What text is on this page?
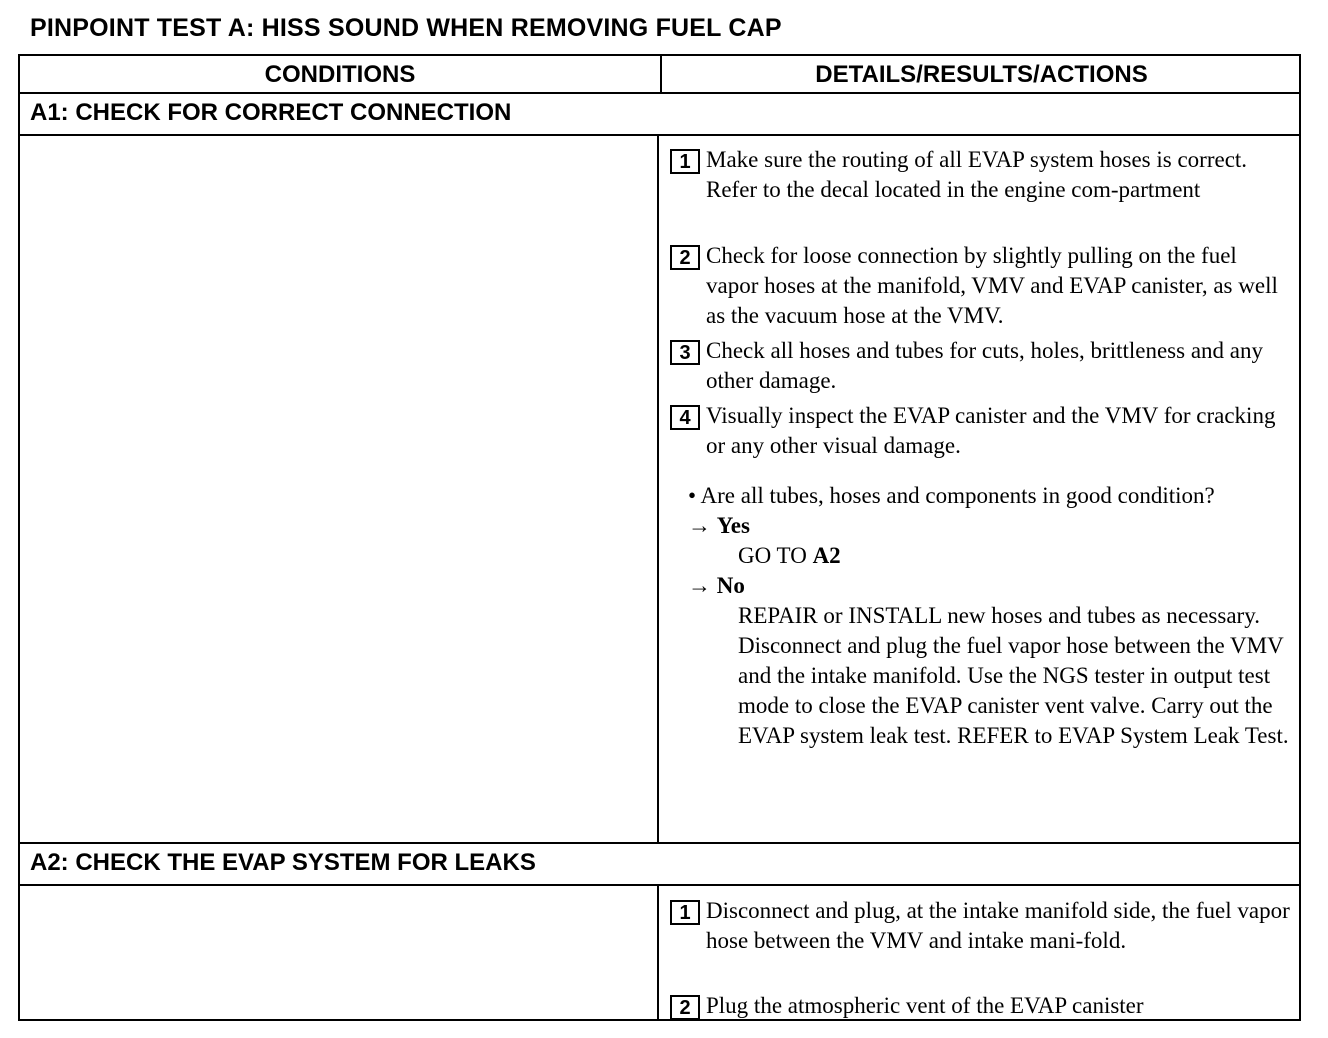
PINPOINT TEST A: HISS SOUND WHEN REMOVING FUEL CAP
CONDITIONS	DETAILS/RESULTS/ACTIONS
A1: CHECK FOR CORRECT CONNECTION
1 Make sure the routing of all EVAP system hoses is correct. Refer to the decal located in the engine com-partment
2 Check for loose connection by slightly pulling on the fuel vapor hoses at the manifold, VMV and EVAP canister, as well as the vacuum hose at the VMV.
3 Check all hoses and tubes for cuts, holes, brittleness and any other damage.
4 Visually inspect the EVAP canister and the VMV for cracking or any other visual damage.
• Are all tubes, hoses and components in good condition?
→ Yes
GO TO A2
→ No
REPAIR or INSTALL new hoses and tubes as necessary. Disconnect and plug the fuel vapor hose between the VMV and the intake manifold. Use the NGS tester in output test mode to close the EVAP canister vent valve. Carry out the EVAP system leak test. REFER to EVAP System Leak Test.
A2: CHECK THE EVAP SYSTEM FOR LEAKS
1 Disconnect and plug, at the intake manifold side, the fuel vapor hose between the VMV and intake mani-fold.
2 Plug the atmospheric vent of the EVAP canister
